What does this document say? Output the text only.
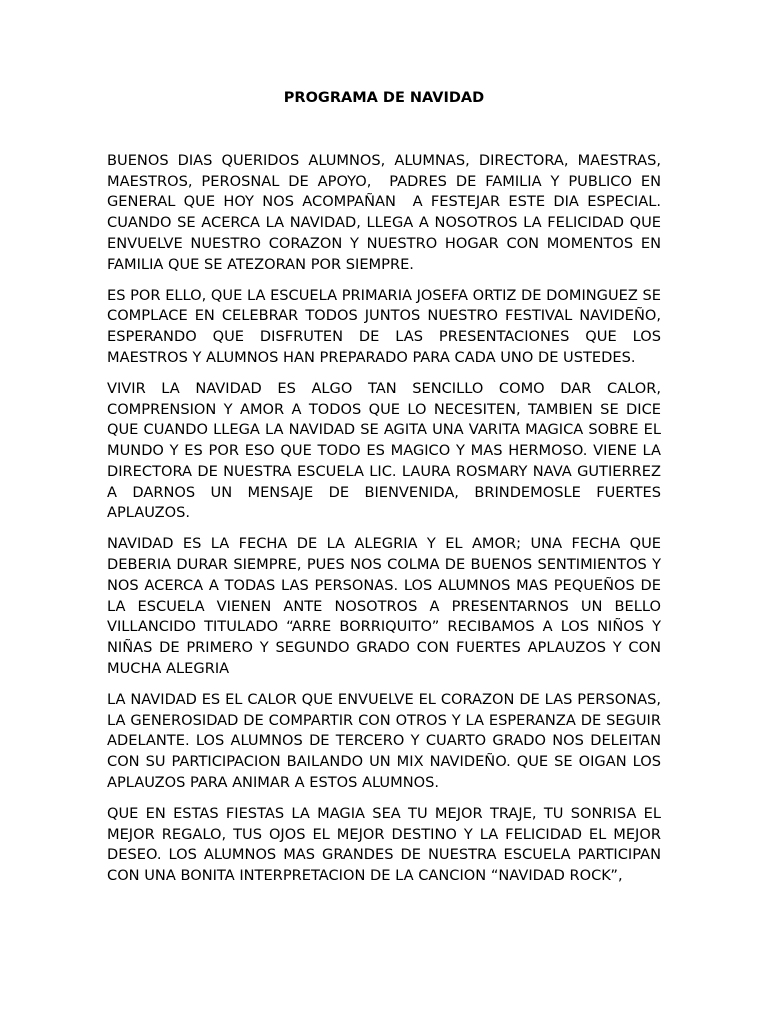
PROGRAMA DE NAVIDAD

BUENOS DIAS QUERIDOS ALUMNOS, ALUMNAS, DIRECTORA, MAESTRAS, MAESTROS, PEROSNAL DE APOYO,  PADRES DE FAMILIA Y PUBLICO EN GENERAL QUE HOY NOS ACOMPAÑAN  A FESTEJAR ESTE DIA ESPECIAL. CUANDO SE ACERCA LA NAVIDAD, LLEGA A NOSOTROS LA FELICIDAD QUE ENVUELVE NUESTRO CORAZON Y NUESTRO HOGAR CON MOMENTOS EN FAMILIA QUE SE ATEZORAN POR SIEMPRE.

ES POR ELLO, QUE LA ESCUELA PRIMARIA JOSEFA ORTIZ DE DOMINGUEZ SE COMPLACE EN CELEBRAR TODOS JUNTOS NUESTRO FESTIVAL NAVIDEÑO, ESPERANDO QUE DISFRUTEN DE LAS PRESENTACIONES QUE LOS MAESTROS Y ALUMNOS HAN PREPARADO PARA CADA UNO DE USTEDES.

VIVIR LA NAVIDAD ES ALGO TAN SENCILLO COMO DAR CALOR, COMPRENSION Y AMOR A TODOS QUE LO NECESITEN, TAMBIEN SE DICE QUE CUANDO LLEGA LA NAVIDAD SE AGITA UNA VARITA MAGICA SOBRE EL MUNDO Y ES POR ESO QUE TODO ES MAGICO Y MAS HERMOSO. VIENE LA DIRECTORA DE NUESTRA ESCUELA LIC. LAURA ROSMARY NAVA GUTIERREZ A DARNOS UN MENSAJE DE BIENVENIDA, BRINDEMOSLE FUERTES APLAUZOS.

NAVIDAD ES LA FECHA DE LA ALEGRIA Y EL AMOR; UNA FECHA QUE DEBERIA DURAR SIEMPRE, PUES NOS COLMA DE BUENOS SENTIMIENTOS Y NOS ACERCA A TODAS LAS PERSONAS. LOS ALUMNOS MAS PEQUEÑOS DE LA ESCUELA VIENEN ANTE NOSOTROS A PRESENTARNOS UN BELLO VILLANCIDO TITULADO “ARRE BORRIQUITO” RECIBAMOS A LOS NIÑOS Y NIÑAS DE PRIMERO Y SEGUNDO GRADO CON FUERTES APLAUZOS Y CON MUCHA ALEGRIA

LA NAVIDAD ES EL CALOR QUE ENVUELVE EL CORAZON DE LAS PERSONAS, LA GENEROSIDAD DE COMPARTIR CON OTROS Y LA ESPERANZA DE SEGUIR ADELANTE. LOS ALUMNOS DE TERCERO Y CUARTO GRADO NOS DELEITAN CON SU PARTICIPACION BAILANDO UN MIX NAVIDEÑO. QUE SE OIGAN LOS APLAUZOS PARA ANIMAR A ESTOS ALUMNOS.

QUE EN ESTAS FIESTAS LA MAGIA SEA TU MEJOR TRAJE, TU SONRISA EL MEJOR REGALO, TUS OJOS EL MEJOR DESTINO Y LA FELICIDAD EL MEJOR DESEO. LOS ALUMNOS MAS GRANDES DE NUESTRA ESCUELA PARTICIPAN CON UNA BONITA INTERPRETACION DE LA CANCION “NAVIDAD ROCK”,
